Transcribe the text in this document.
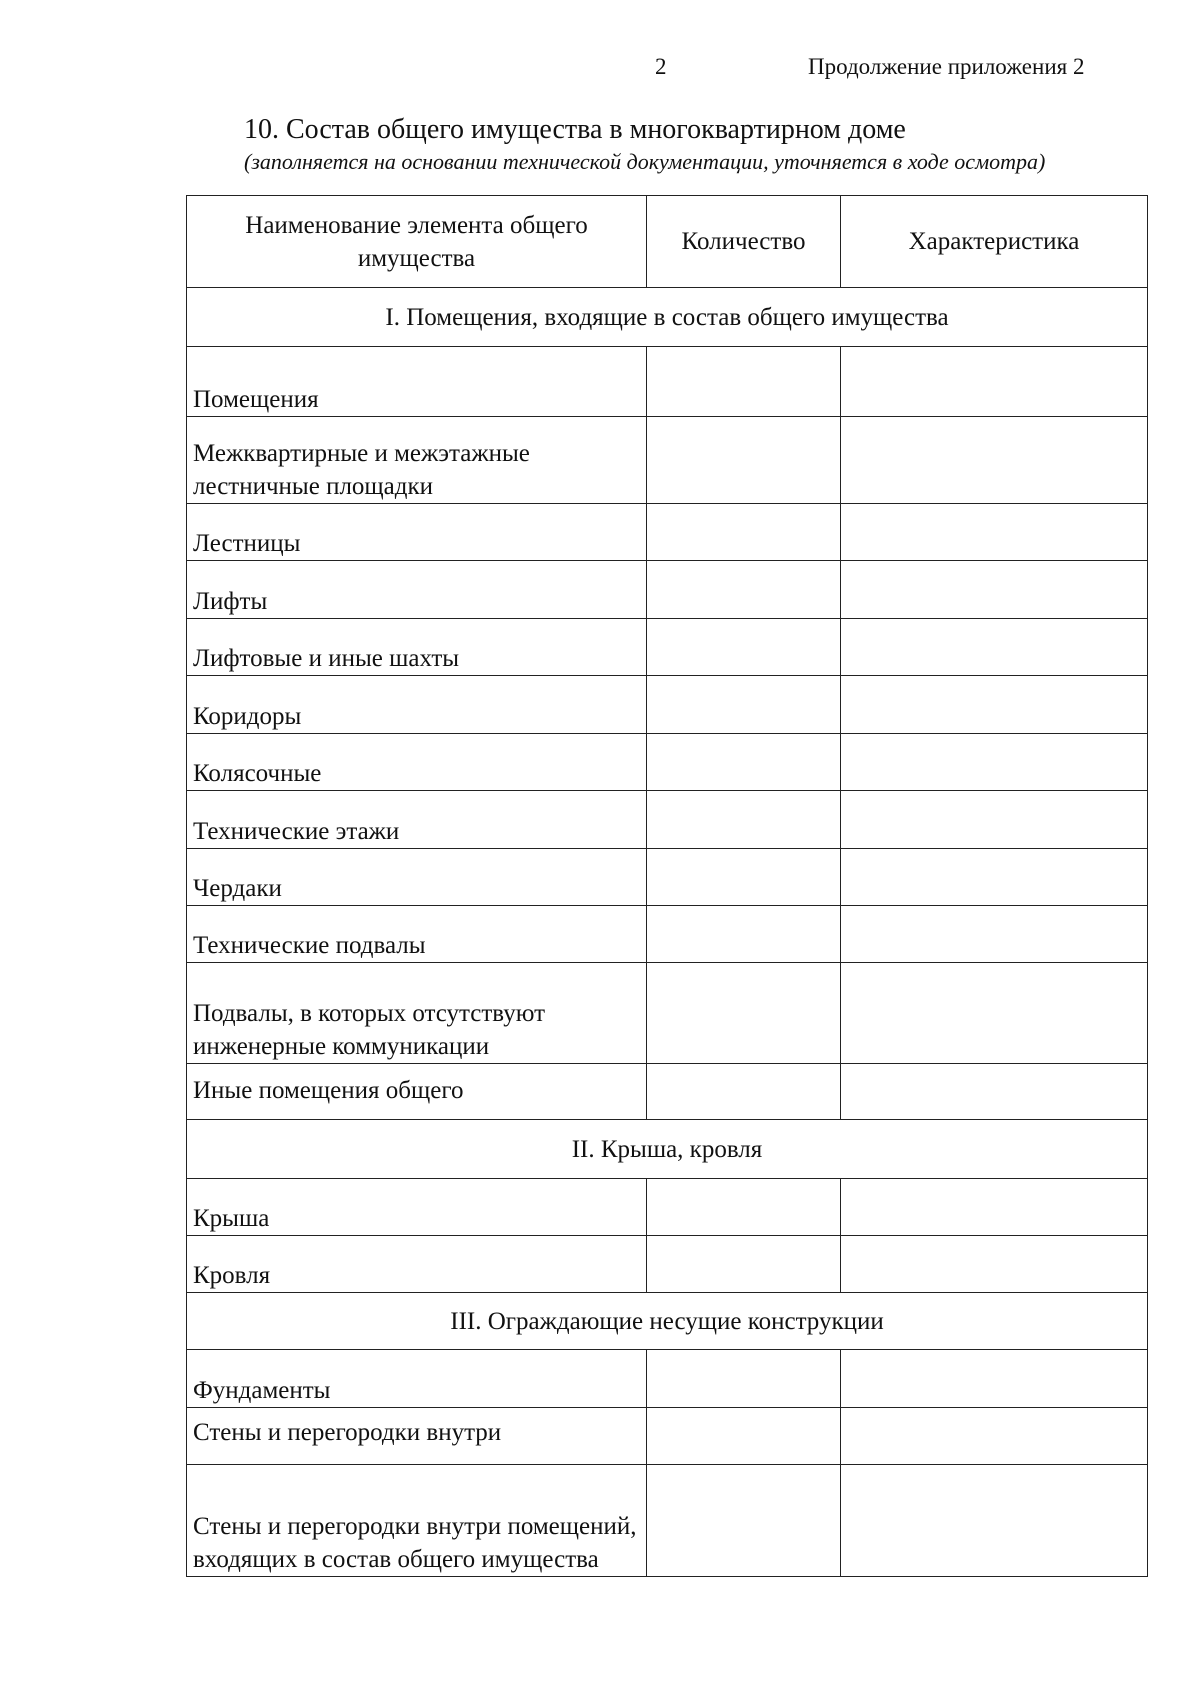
2	Продолжение приложения 2
10. Состав общего имущества в многоквартирном доме
(заполняется на основании технической документации, уточняется в ходе осмотра)
Наименование элемента общего имущества	Количество	Характеристика
I. Помещения, входящие в состав общего имущества		
Помещения		
Межквартирные и межэтажные лестничные площадки		
Лестницы		
Лифты		
Лифтовые и иные шахты		
Коридоры		
Колясочные		
Технические этажи		
Чердаки		
Технические подвалы		
Подвалы, в которых отсутствуют инженерные коммуникации		
Иные помещения общего		
II. Крыша, кровля		
Крыша		
Кровля		
III. Ограждающие несущие конструкции		
Фундаменты		
Стены и перегородки внутри		
Стены и перегородки внутри помещений, входящих в состав общего имущества		
